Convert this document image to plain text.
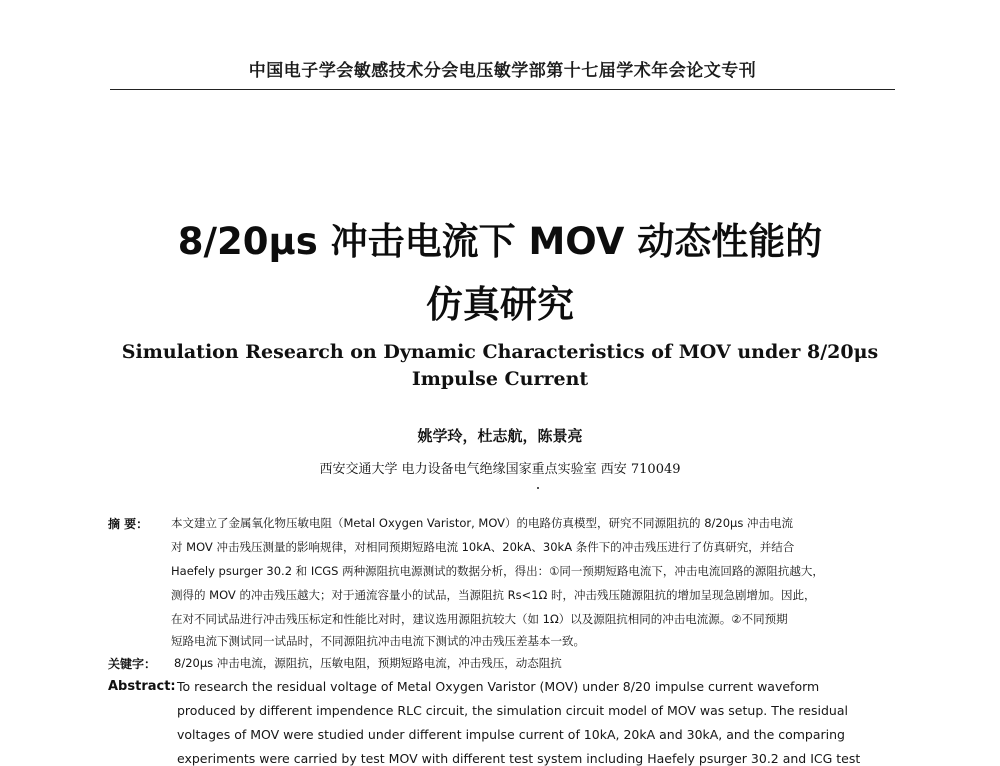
中国电子学会敏感技术分会电压敏学部第十七届学术年会论文专刊
8/20μs 冲击电流下 MOV 动态性能的
仿真研究
Simulation Research on Dynamic Characteristics of MOV under 8/20μs
Impulse Current
姚学玲，杜志航，陈景亮
西安交通大学 电力设备电气绝缘国家重点实验室 西安 710049
摘 要： 本文建立了金属氧化物压敏电阻（Metal Oxygen Varistor, MOV）的电路仿真模型，研究不同源阻抗的 8/20μs 冲击电流
对 MOV 冲击残压测量的影响规律，对相同预期短路电流 10kA、20kA、30kA 条件下的冲击残压进行了仿真研究，并结合
Haefely psurger 30.2 和 ICGS 两种源阻抗电源测试的数据分析，得出：①同一预期短路电流下，冲击电流回路的源阻抗越大，
测得的 MOV 的冲击残压越大；对于通流容量小的试品，当源阻抗 Rs<1Ω 时，冲击残压随源阻抗的增加呈现急剧增加。因此，
在对不同试品进行冲击残压标定和性能比对时，建议选用源阻抗较大（如 1Ω）以及源阻抗相同的冲击电流源。②不同预期
短路电流下测试同一试品时，不同源阻抗冲击电流下测试的冲击残压差基本一致。
关键字： 8/20μs 冲击电流，源阻抗，压敏电阻，预期短路电流，冲击残压，动态阻抗
Abstract: To research the residual voltage of Metal Oxygen Varistor (MOV) under 8/20 impulse current waveform
produced by different impendence RLC circuit, the simulation circuit model of MOV was setup. The residual
voltages of MOV were studied under different impulse current of 10kA, 20kA and 30kA, and the comparing
experiments were carried by test MOV with different test system including Haefely psurger 30.2 and ICG test
